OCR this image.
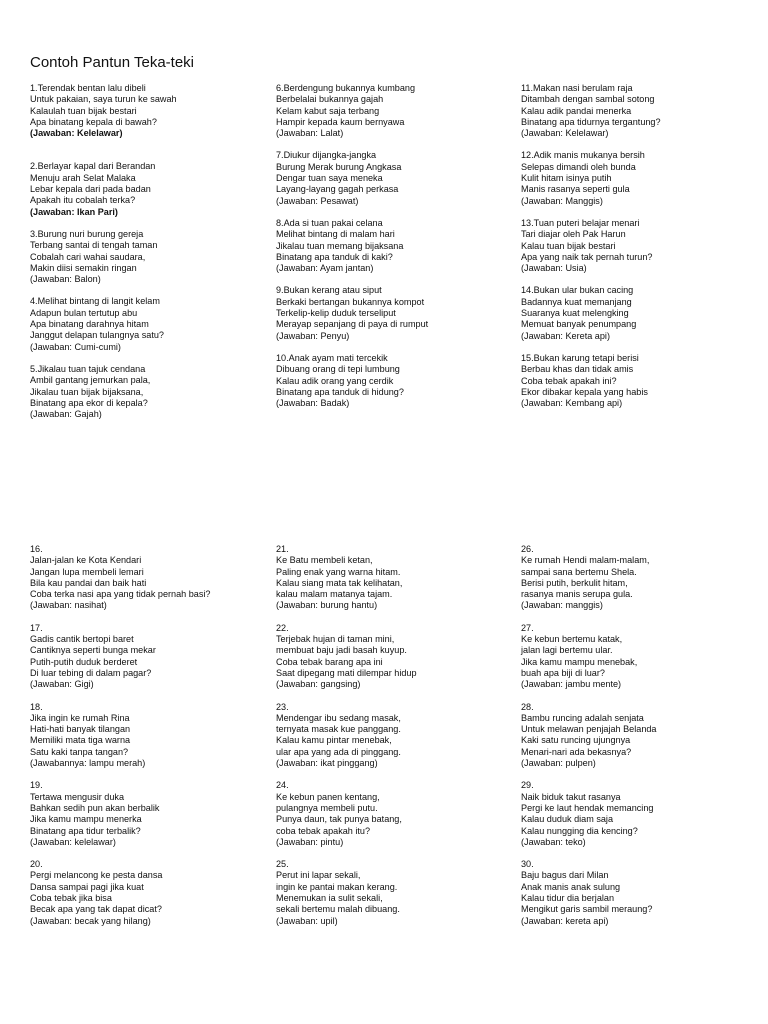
Contoh Pantun Teka-teki
1.Terendak bentan lalu dibeli
Untuk pakaian, saya turun ke sawah
Kalaulah tuan bijak bestari
Apa binatang kepala di bawah?
(Jawaban: Kelelawar)
2.Berlayar kapal dari Berandan
Menuju arah Selat Malaka
Lebar kepala dari pada badan
Apakah itu cobalah terka?
(Jawaban: Ikan Pari)
3.Burung nuri burung gereja
Terbang santai di tengah taman
Cobalah cari wahai saudara,
Makin diisi semakin ringan
(Jawaban: Balon)
4.Melihat bintang di langit kelam
Adapun bulan tertutup abu
Apa binatang darahnya hitam
Janggut delapan tulangnya satu?
(Jawaban: Cumi-cumi)
5.Jikalau tuan tajuk cendana
Ambil gantang jemurkan pala,
Jikalau tuan bijak bijaksana,
Binatang apa ekor di kepala?
(Jawaban: Gajah)
6.Berdengung bukannya kumbang
Berbelalai bukannya gajah
Kelam kabut saja terbang
Hampir kepada kaum bernyawa
(Jawaban: Lalat)
7.Diukur dijangka-jangka
Burung Merak burung Angkasa
Dengar tuan saya meneka
Layang-layang gagah perkasa
(Jawaban: Pesawat)
8.Ada si tuan pakai celana
Melihat bintang di malam hari
Jikalau tuan memang bijaksana
Binatang apa tanduk di kaki?
(Jawaban: Ayam jantan)
9.Bukan kerang atau siput
Berkaki bertangan bukannya kompot
Terkelip-kelip duduk terseliput
Merayap sepanjang di paya di rumput
(Jawaban: Penyu)
10.Anak ayam mati tercekik
Dibuang orang di tepi lumbung
Kalau adik orang yang cerdik
Binatang apa tanduk di hidung?
(Jawaban: Badak)
11.Makan nasi berulam raja
Ditambah dengan sambal sotong
Kalau adik pandai menerka
Binatang apa tidurnya tergantung?
(Jawaban: Kelelawar)
12.Adik manis mukanya bersih
Selepas dimandi oleh bunda
Kulit hitam isinya putih
Manis rasanya seperti gula
(Jawaban: Manggis)
13.Tuan puteri belajar menari
Tari diajar oleh Pak Harun
Kalau tuan bijak bestari
Apa yang naik tak pernah turun?
(Jawaban: Usia)
14.Bukan ular bukan cacing
Badannya kuat memanjang
Suaranya kuat melengking
Memuat banyak penumpang
(Jawaban: Kereta api)
15.Bukan karung tetapi berisi
Berbau khas dan tidak amis
Coba tebak apakah ini?
Ekor dibakar kepala yang habis
(Jawaban: Kembang api)
16.
Jalan-jalan ke Kota Kendari
Jangan lupa membeli lemari
Bila kau pandai dan baik hati
Coba terka nasi apa yang tidak pernah basi?
(Jawaban: nasihat)
17.
Gadis cantik bertopi baret
Cantiknya seperti bunga mekar
Putih-putih duduk berderet
Di luar tebing di dalam pagar?
(Jawaban: Gigi)
18.
Jika ingin ke rumah Rina
Hati-hati banyak tilangan
Memiliki mata tiga warna
Satu kaki tanpa tangan?
(Jawabannya: lampu merah)
19.
Tertawa mengusir duka
Bahkan sedih pun akan berbalik
Jika kamu mampu menerka
Binatang apa tidur terbalik?
(Jawaban: kelelawar)
20.
Pergi melancong ke pesta dansa
Dansa sampai pagi jika kuat
Coba tebak jika bisa
Becak apa yang tak dapat dicat?
(Jawaban: becak yang hilang)
21.
Ke Batu membeli ketan,
Paling enak yang warna hitam.
Kalau siang mata tak kelihatan,
kalau malam matanya tajam.
(Jawaban: burung hantu)
22.
Terjebak hujan di taman mini,
membuat baju jadi basah kuyup.
Coba tebak barang apa ini
Saat dipegang mati dilempar hidup
(Jawaban: gangsing)
23.
Mendengar ibu sedang masak,
ternyata masak kue panggang.
Kalau kamu pintar menebak,
ular apa yang ada di pinggang.
(Jawaban: ikat pinggang)
24.
Ke kebun panen kentang,
pulangnya membeli putu.
Punya daun, tak punya batang,
coba tebak apakah itu?
(Jawaban: pintu)
25.
Perut ini lapar sekali,
ingin ke pantai makan kerang.
Menemukan ia sulit sekali,
sekali bertemu malah dibuang.
(Jawaban: upil)
26.
Ke rumah Hendi malam-malam,
sampai sana bertemu Shela.
Berisi putih, berkulit hitam,
rasanya manis serupa gula.
(Jawaban: manggis)
27.
Ke kebun bertemu katak,
jalan lagi bertemu ular.
Jika kamu mampu menebak,
buah apa biji di luar?
(Jawaban: jambu mente)
28.
Bambu runcing adalah senjata
Untuk melawan penjajah Belanda
Kaki satu runcing ujungnya
Menari-nari ada bekasnya?
(Jawaban: pulpen)
29.
Naik biduk takut rasanya
Pergi ke laut hendak memancing
Kalau duduk diam saja
Kalau nungging dia kencing?
(Jawaban: teko)
30.
Baju bagus dari Milan
Anak manis anak sulung
Kalau tidur dia berjalan
Mengikut garis sambil meraung?
(Jawaban: kereta api)
